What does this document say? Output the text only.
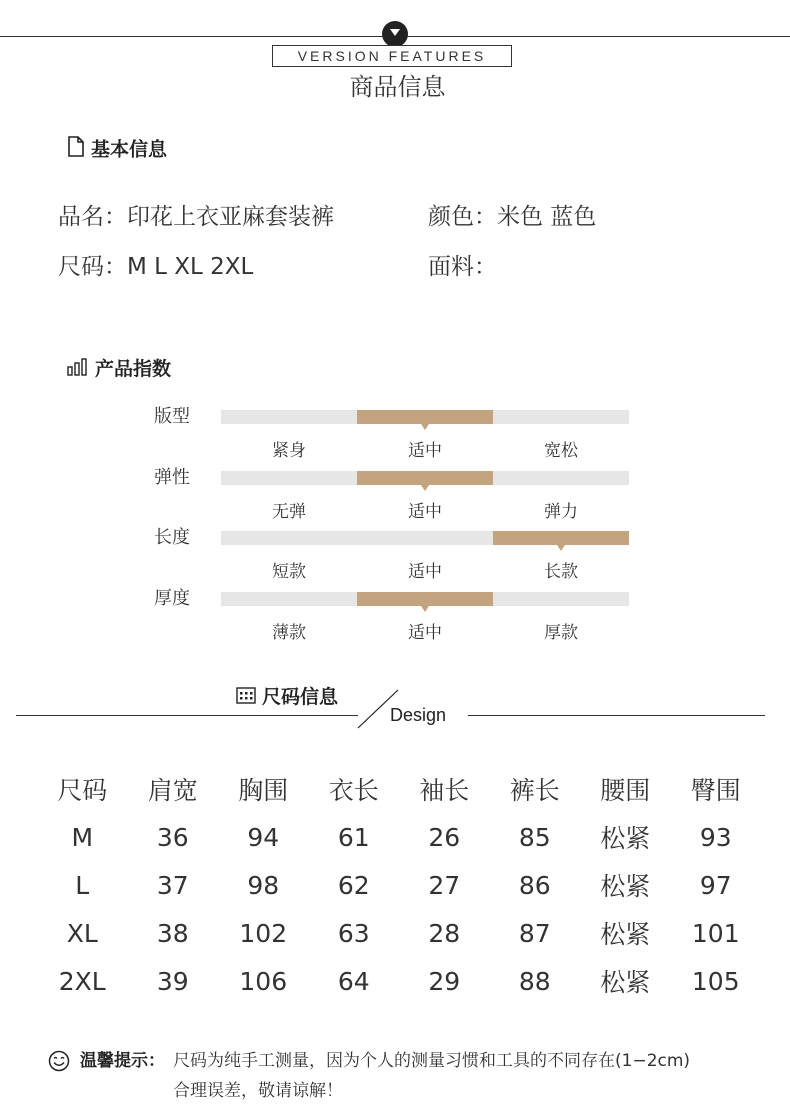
VERSION FEATURES
商品信息
基本信息
品名：印花上衣亚麻套装裤	颜色：米色 蓝色
尺码：M L XL 2XL	面料：
产品指数
版型
紧身	适中	宽松
弹性
无弹	适中	弹力
长度
短款	适中	长款
厚度
薄款	适中	厚款
尺码信息
Design
尺码	肩宽	胸围	衣长	袖长	裤长	腰围	臀围
M	36	94	61	26	85	松紧	93
L	37	98	62	27	86	松紧	97
XL	38	102	63	28	87	松紧	101
2XL	39	106	64	29	88	松紧	105
温馨提示： 尺码为纯手工测量，因为个人的测量习惯和工具的不同存在(1−2cm)
合理误差，敬请谅解！
